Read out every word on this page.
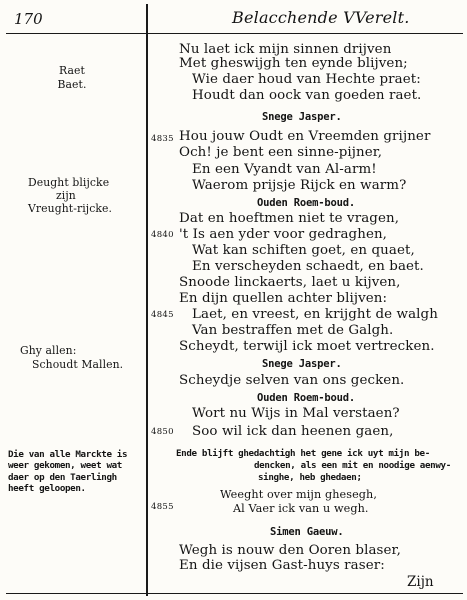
170	Belacchende VVerelt.
Raet
Baet.
Deught blijcke
zijn
Vreught-rijcke.
Ghy allen:
Schoudt Mallen.
Die van alle Marckte is
weer gekomen, weet wat
daer op den Taerlingh
heeft geloopen.
4835
4840
4845
4850
4855
Nu laet ick mijn sinnen drijven
Met gheswijgh ten eynde blijven;
Wie daer houd van Hechte praet:
Houdt dan oock van goeden raet.
Snege Jasper.
Hou jouw Oudt en Vreemden grijner
Och! je bent een sinne-pijner,
En een Vyandt van Al-arm!
Waerom prijsje Rijck en warm?
Ouden Roem-boud.
Dat en hoeftmen niet te vragen,
't Is aen yder voor gedraghen,
Wat kan schiften goet, en quaet,
En verscheyden schaedt, en baet.
Snoode linckaerts, laet u kijven,
En dijn quellen achter blijven:
Laet, en vreest, en krijght de walgh
Van bestraffen met de Galgh.
Scheydt, terwijl ick moet vertrecken.
Snege Jasper.
Scheydje selven van ons gecken.
Ouden Roem-boud.
Wort nu Wijs in Mal verstaen?
Soo wil ick dan heenen gaen,
Ende blijft ghedachtigh het gene ick uyt mijn be-
dencken, als een mit en noodige aenwy-
singhe, heb ghedaen;
Weeght over mijn ghesegh,
Al Vaer ick van u wegh.
Simen Gaeuw.
Wegh is nouw den Ooren blaser,
En die vijsen Gast-huys raser:
Zijn
